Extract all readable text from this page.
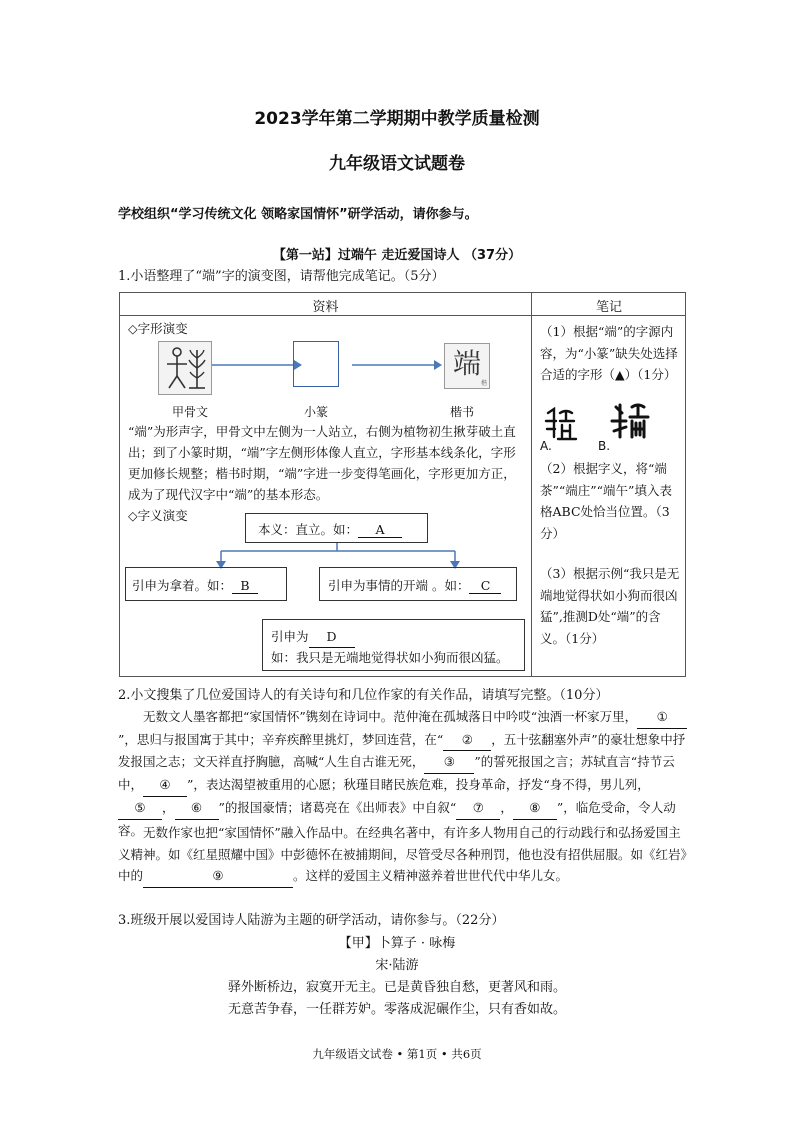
2023学年第二学期期中教学质量检测
九年级语文试题卷
学校组织“学习传统文化 领略家国情怀”研学活动，请你参与。
【第一站】过端午 走近爱国诗人 （37分）
1.小语整理了“端”字的演变图，请帮他完成笔记。（5分）
资料	笔记
◇字形演变
端
楷
甲骨文	小篆	楷书
“端”为形声字，甲骨文中左侧为一人站立，右侧为植物初生揪芽破土直出；到了小篆时期，“端”字左侧形体像人直立，字形基本线条化，字形更加修长规整；楷书时期，“端”字进一步变得笔画化，字形更加方正，成为了现代汉字中“端”的基本形态。
◇字义演变
本义：直立。如： A
引申为拿着。如： B	引申为事情的开端 。如： C
引申为 D
如：我只是无端地觉得状如小狗而很凶猛。
（1）根据“端”的字源内容，为“小篆”缺失处选择合适的字形（▲）（1分）
A.	B.
（2）根据字义，将“端茶”“端庄”“端午”填入表格ABC处恰当位置。（3分）
（3）根据示例“我只是无端地觉得状如小狗而很凶猛”,推测D处“端”的含义。（1分）
2.小文搜集了几位爱国诗人的有关诗句和几位作家的有关作品，请填写完整。（10分）
无数文人墨客都把“家国情怀”镌刻在诗词中。范仲淹在孤城落日中吟哎“浊酒一杯家万里， ①”，思归与报国寓于其中；辛弃疾醉里挑灯，梦回连营，在“ ② ，五十弦翻塞外声”的豪壮想象中抒发报国之志；文天祥直抒胸臆，高喊“人生自古谁无死， ③ ”的誓死报国之言；苏轼直言“持节云中， ④ ”，表达渴望被重用的心愿；秋瑾目睹民族危难，投身革命，抒发“身不得，男儿列，⑤ ， ⑥ ”的报国豪情；诸葛亮在《出师表》中自叙“ ⑦ ， ⑧ ”，临危受命，令人动容。 无数作家也把“家国情怀”融入作品中。在经典名著中，有许多人物用自己的行动践行和弘扬爱国主义精神。如《红星照耀中国》中彭德怀在被捕期间，尽管受尽各种刑罚，他也没有招供屈服。如《红岩》中的	⑨	。这样的爱国主义精神滋养着世世代代中华儿女。
3.班级开展以爱国诗人陆游为主题的研学活动，请你参与。（22分）
【甲】卜算子 · 咏梅
宋·陆游
驿外断桥边，寂寞开无主。已是黄昏独自愁，更著风和雨。
无意苦争春，一任群芳妒。零落成泥碾作尘，只有香如故。
九年级语文试卷 • 第1页 • 共6页
